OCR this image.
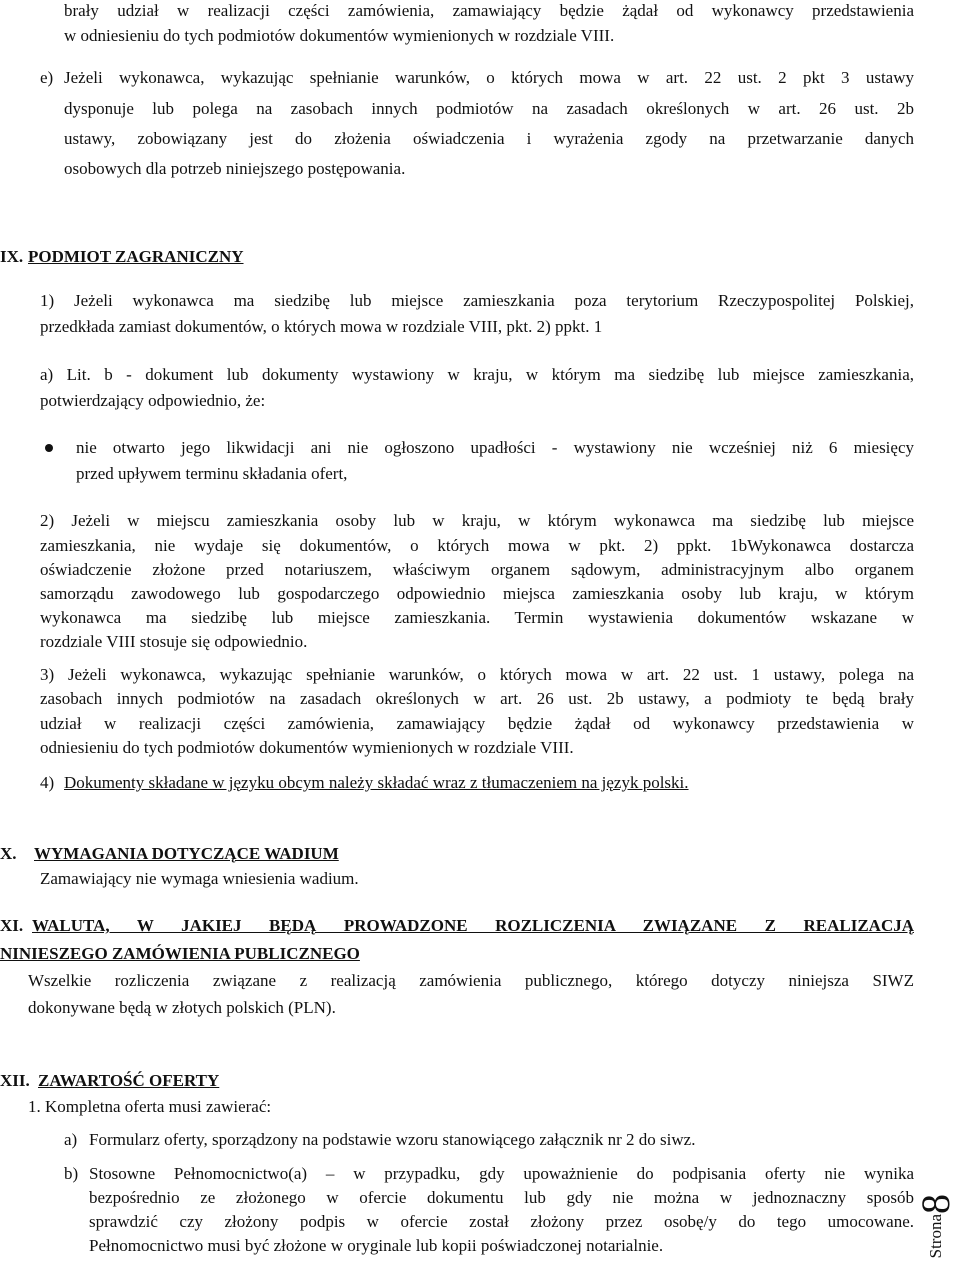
brały udział w realizacji części zamówienia, zamawiający będzie żądał od wykonawcy przedstawienia
w odniesieniu do tych podmiotów dokumentów wymienionych w rozdziale VIII.
e) Jeżeli wykonawca, wykazując spełnianie warunków, o których mowa w art. 22 ust. 2 pkt 3 ustawy
dysponuje lub polega na zasobach innych podmiotów na zasadach określonych w art. 26 ust. 2b
ustawy, zobowiązany jest do złożenia oświadczenia i wyrażenia zgody na przetwarzanie danych
osobowych dla potrzeb niniejszego postępowania.
IX. PODMIOT ZAGRANICZNY
1) Jeżeli wykonawca ma siedzibę lub miejsce zamieszkania poza terytorium Rzeczypospolitej Polskiej,
przedkłada zamiast dokumentów, o których mowa w rozdziale VIII, pkt. 2) ppkt. 1
a) Lit. b - dokument lub dokumenty wystawiony w kraju, w którym ma siedzibę lub miejsce zamieszkania,
potwierdzający odpowiednio, że:
nie otwarto jego likwidacji ani nie ogłoszono upadłości - wystawiony nie wcześniej niż 6 miesięcy
przed upływem terminu składania ofert,
2) Jeżeli w miejscu zamieszkania osoby lub w kraju, w którym wykonawca ma siedzibę lub miejsce
zamieszkania, nie wydaje się dokumentów, o których mowa w pkt. 2) ppkt. 1bWykonawca dostarcza
oświadczenie złożone przed notariuszem, właściwym organem sądowym, administracyjnym albo organem
samorządu zawodowego lub gospodarczego odpowiednio miejsca zamieszkania osoby lub kraju, w którym
wykonawca ma siedzibę lub miejsce zamieszkania. Termin wystawienia dokumentów wskazane w
rozdziale VIII stosuje się odpowiednio.
3) Jeżeli wykonawca, wykazując spełnianie warunków, o których mowa w art. 22 ust. 1 ustawy, polega na
zasobach innych podmiotów na zasadach określonych w art. 26 ust. 2b ustawy, a podmioty te będą brały
udział w realizacji części zamówienia, zamawiający będzie żądał od wykonawcy przedstawienia w
odniesieniu do tych podmiotów dokumentów wymienionych w rozdziale VIII.
4) Dokumenty składane w języku obcym należy składać wraz z tłumaczeniem na język polski.
X. WYMAGANIA DOTYCZĄCE WADIUM
Zamawiający nie wymaga wniesienia wadium.
XI. WALUTA, W JAKIEJ BĘDĄ PROWADZONE ROZLICZENIA ZWIĄZANE Z REALIZACJĄ
NINIESZEGO ZAMÓWIENIA PUBLICZNEGO
Wszelkie rozliczenia związane z realizacją zamówienia publicznego, którego dotyczy niniejsza SIWZ
dokonywane będą w złotych polskich (PLN).
XII. ZAWARTOŚĆ OFERTY
1. Kompletna oferta musi zawierać:
a) Formularz oferty, sporządzony na podstawie wzoru stanowiącego załącznik nr 2 do siwz.
b) Stosowne Pełnomocnictwo(a) – w przypadku, gdy upoważnienie do podpisania oferty nie wynika
bezpośrednio ze złożonego w ofercie dokumentu lub gdy nie można w jednoznaczny sposób
sprawdzić czy złożony podpis w ofercie został złożony przez osobę/y do tego umocowane.
Pełnomocnictwo musi być złożone w oryginale lub kopii poświadczonej notarialnie.	Strona8
